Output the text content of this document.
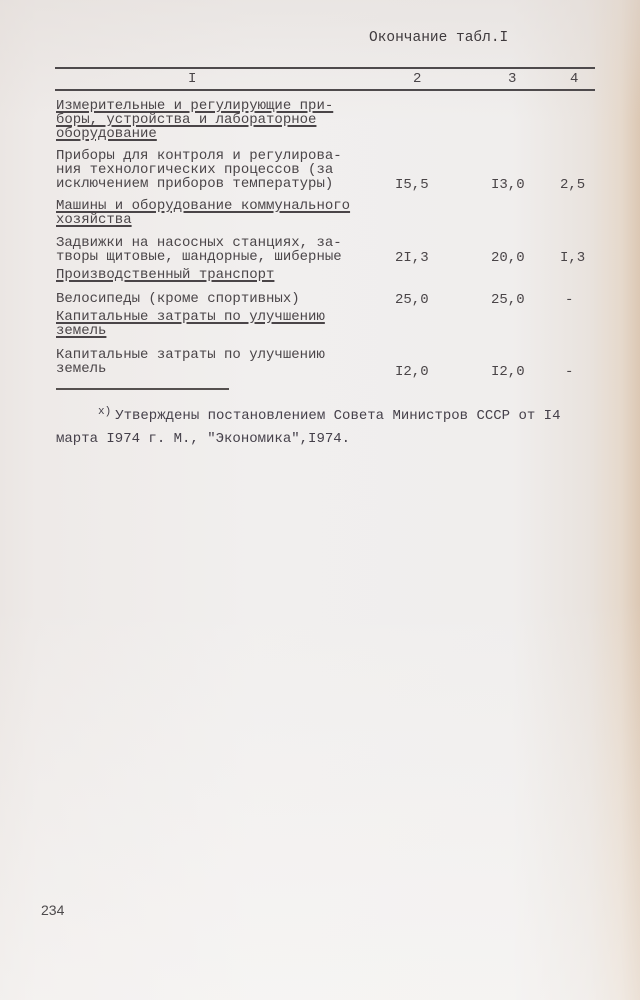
Окончание табл.I
I	2	3	4
Измерительные и регулирующие при-
боры, устройства и лабораторное
оборудование
Приборы для контроля и регулирова-
ния технологических процессов (за
исключением приборов температуры)	I5,5	I3,0	2,5
Машины и оборудование коммунального
хозяйства
Задвижки на насосных станциях, за-
творы щитовые, шандорные, шиберные	2I,3	20,0	I,3
Производственный транспорт
Велосипеды (кроме спортивных)	25,0	25,0	-
Капитальные затраты по улучшению
земель
Капитальные затраты по улучшению
земель	I2,0	I2,0	-
$^{x)}$ Утверждены постановлением Совета Министров СССР от I4
марта I974 г. М., "Экономика",I974.
234
